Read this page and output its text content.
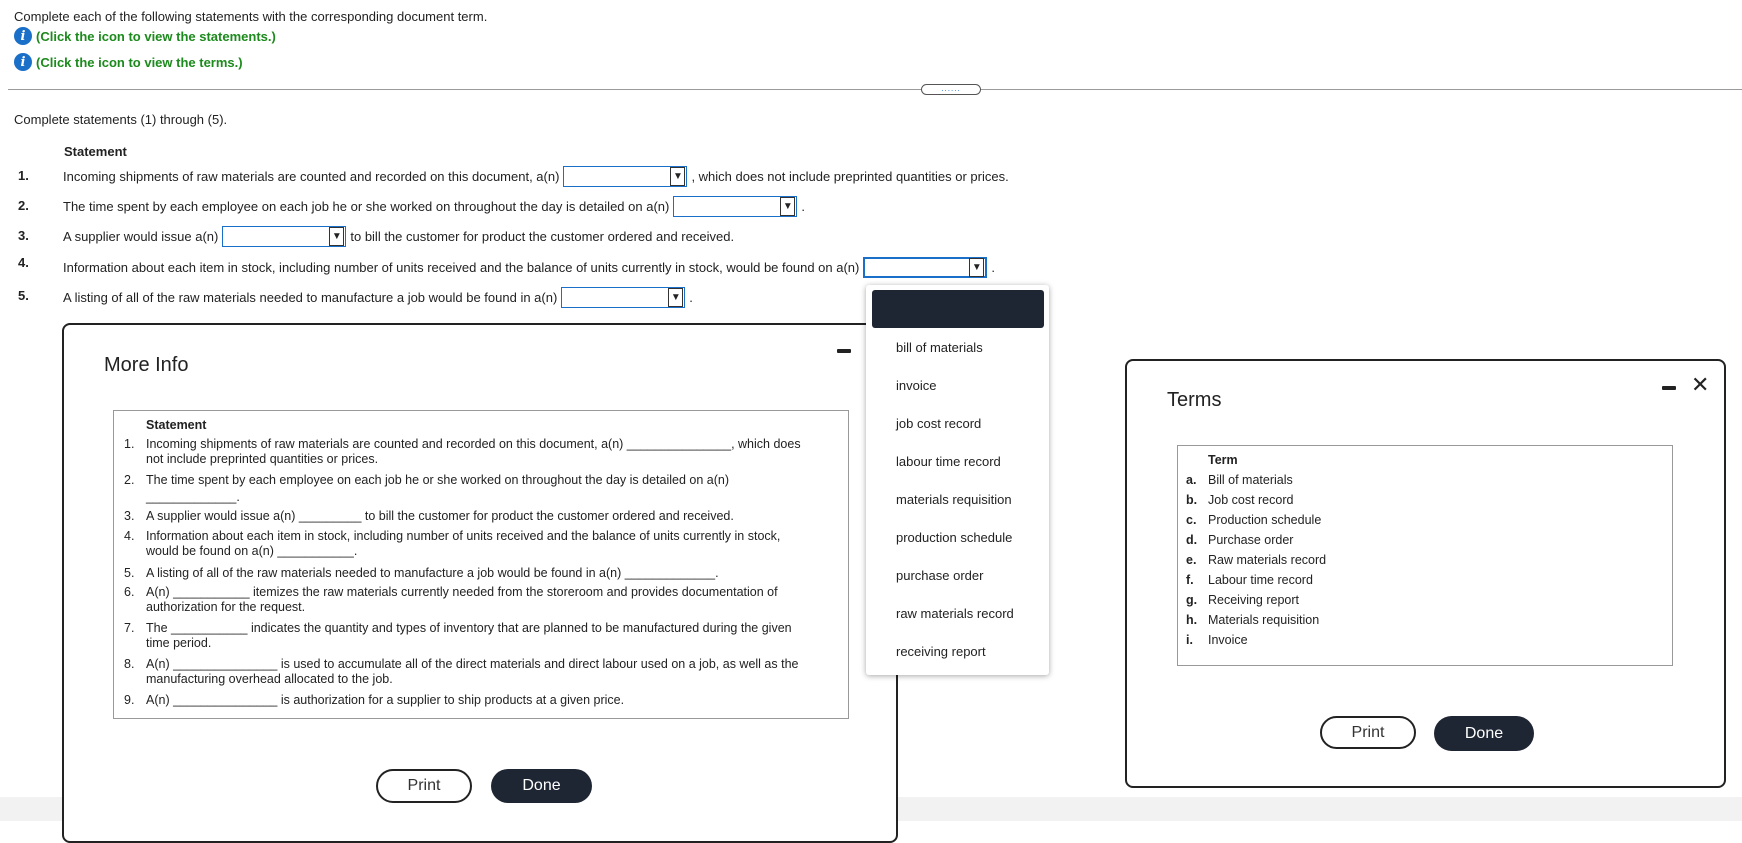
Complete each of the following statements with the corresponding document term.
i (Click the icon to view the statements.)
i (Click the icon to view the terms.)
......
Complete statements (1) through (5).
Statement
1.	Incoming shipments of raw materials are counted and recorded on this document, a(n)	▼ , which does not include preprinted quantities or prices.
2.	The time spent by each employee on each job he or she worked on throughout the day is detailed on a(n)	▼ .
3.	A supplier would issue a(n)	▼ to bill the customer for product the customer ordered and received.
4.	Information about each item in stock, including number of units received and the balance of units currently in stock, would be found on a(n)	▼ .
5.	A listing of all of the raw materials needed to manufacture a job would be found in a(n)	▼ .
More Info
Statement
1. Incoming shipments of raw materials are counted and recorded on this document, a(n) _______________, which does
not include preprinted quantities or prices.
2. The time spent by each employee on each job he or she worked on throughout the day is detailed on a(n)
_____________.
3. A supplier would issue a(n) _________ to bill the customer for product the customer ordered and received.
4. Information about each item in stock, including number of units received and the balance of units currently in stock,
would be found on a(n) ___________.
5. A listing of all of the raw materials needed to manufacture a job would be found in a(n) _____________.
6. A(n) ___________ itemizes the raw materials currently needed from the storeroom and provides documentation of
authorization for the request.
7. The ___________ indicates the quantity and types of inventory that are planned to be manufactured during the given
time period.
8. A(n) _______________ is used to accumulate all of the direct materials and direct labour used on a job, as well as the
manufacturing overhead allocated to the job.
9. A(n) _______________ is authorization for a supplier to ship products at a given price.
Print	Done
bill of materials
invoice
job cost record
labour time record
materials requisition
production schedule
purchase order
raw materials record
receiving report
Terms
✕
Term
a. Bill of materials
b. Job cost record
c. Production schedule
d. Purchase order
e. Raw materials record
f. Labour time record
g. Receiving report
h. Materials requisition
i. Invoice
Print	Done
